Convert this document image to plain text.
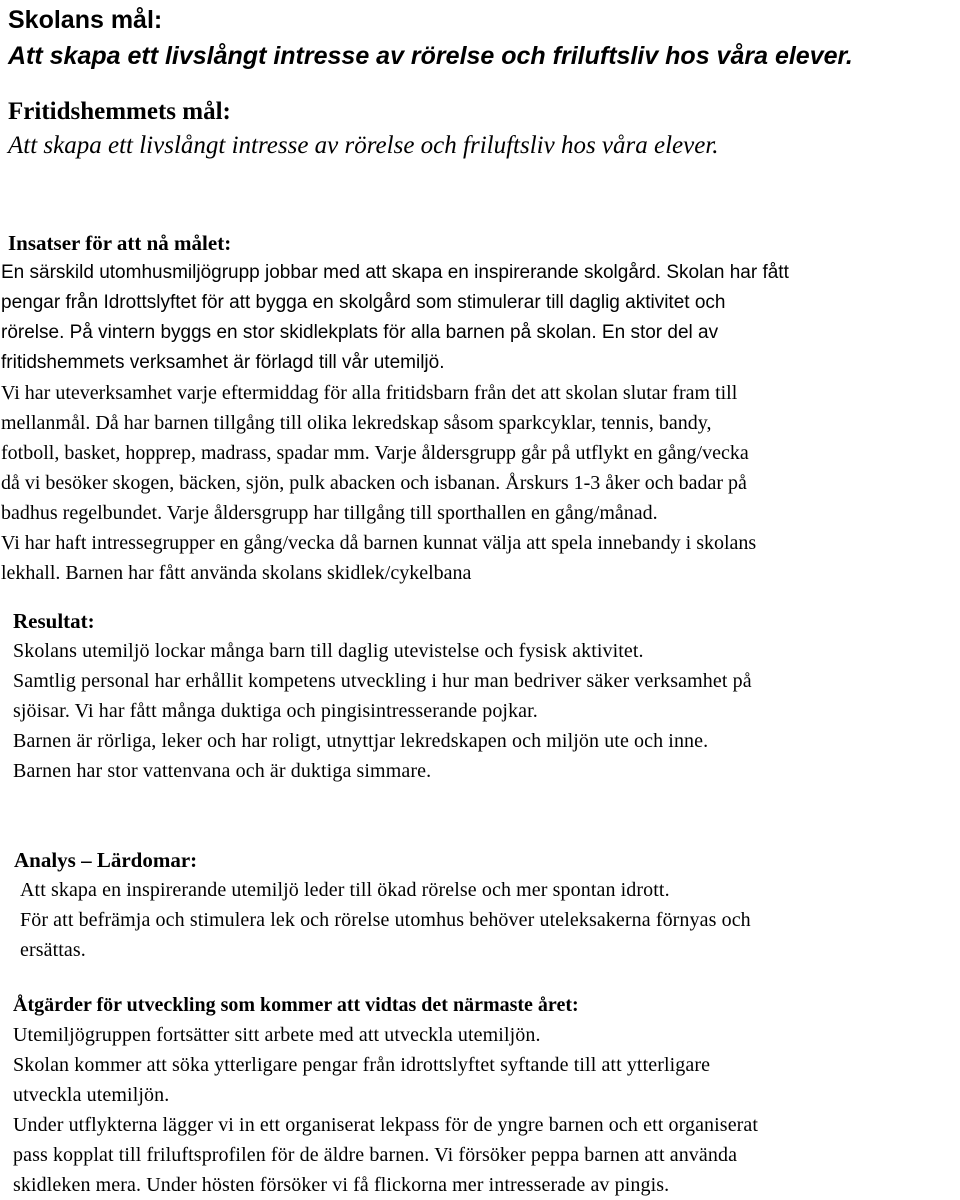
Skolans mål:

Att skapa ett livslångt intresse av rörelse och friluftsliv hos våra elever.

Fritidshemmets mål:

Att skapa ett livslångt intresse av rörelse och friluftsliv hos våra elever.

Insatser för att nå målet:

En särskild utomhusmiljögrupp jobbar med att skapa en inspirerande skolgård. Skolan har fått

pengar från Idrottslyftet för att bygga en skolgård som stimulerar till daglig aktivitet och

rörelse. På vintern byggs en stor skidlekplats för alla barnen på skolan. En stor del av

fritidshemmets verksamhet är förlagd till vår utemiljö.

Vi har uteverksamhet varje eftermiddag för alla fritidsbarn från det att skolan slutar fram till

mellanmål. Då har barnen tillgång till olika lekredskap såsom sparkcyklar, tennis, bandy,

fotboll, basket, hopprep, madrass, spadar mm. Varje åldersgrupp går på utflykt en gång/vecka

då vi besöker skogen, bäcken, sjön, pulk abacken och isbanan. Årskurs 1-3 åker och badar på

badhus regelbundet. Varje åldersgrupp har tillgång till sporthallen en gång/månad.

Vi har haft intressegrupper en gång/vecka då barnen kunnat välja att spela innebandy i skolans

lekhall. Barnen har fått använda skolans skidlek/cykelbana

Resultat:

Skolans utemiljö lockar många barn till daglig utevistelse och fysisk aktivitet.

Samtlig personal har erhållit kompetens utveckling i hur man bedriver säker verksamhet på

sjöisar. Vi har fått många duktiga och pingisintresserande pojkar.

Barnen är rörliga, leker och har roligt, utnyttjar lekredskapen och miljön ute och inne.

Barnen har stor vattenvana och är duktiga simmare.

Analys – Lärdomar:

Att skapa en inspirerande utemiljö leder till ökad rörelse och mer spontan idrott.

För att befrämja och stimulera lek och rörelse utomhus behöver uteleksakerna förnyas och

ersättas.

Åtgärder för utveckling som kommer att vidtas det närmaste året:

Utemiljögruppen fortsätter sitt arbete med att utveckla utemiljön.

Skolan kommer att söka ytterligare pengar från idrottslyftet syftande till att ytterligare

utveckla utemiljön.

Under utflykterna lägger vi in ett organiserat lekpass för de yngre barnen och ett organiserat

pass kopplat till friluftsprofilen för de äldre barnen. Vi försöker peppa barnen att använda

skidleken mera. Under hösten försöker vi få flickorna mer intresserade av pingis.
